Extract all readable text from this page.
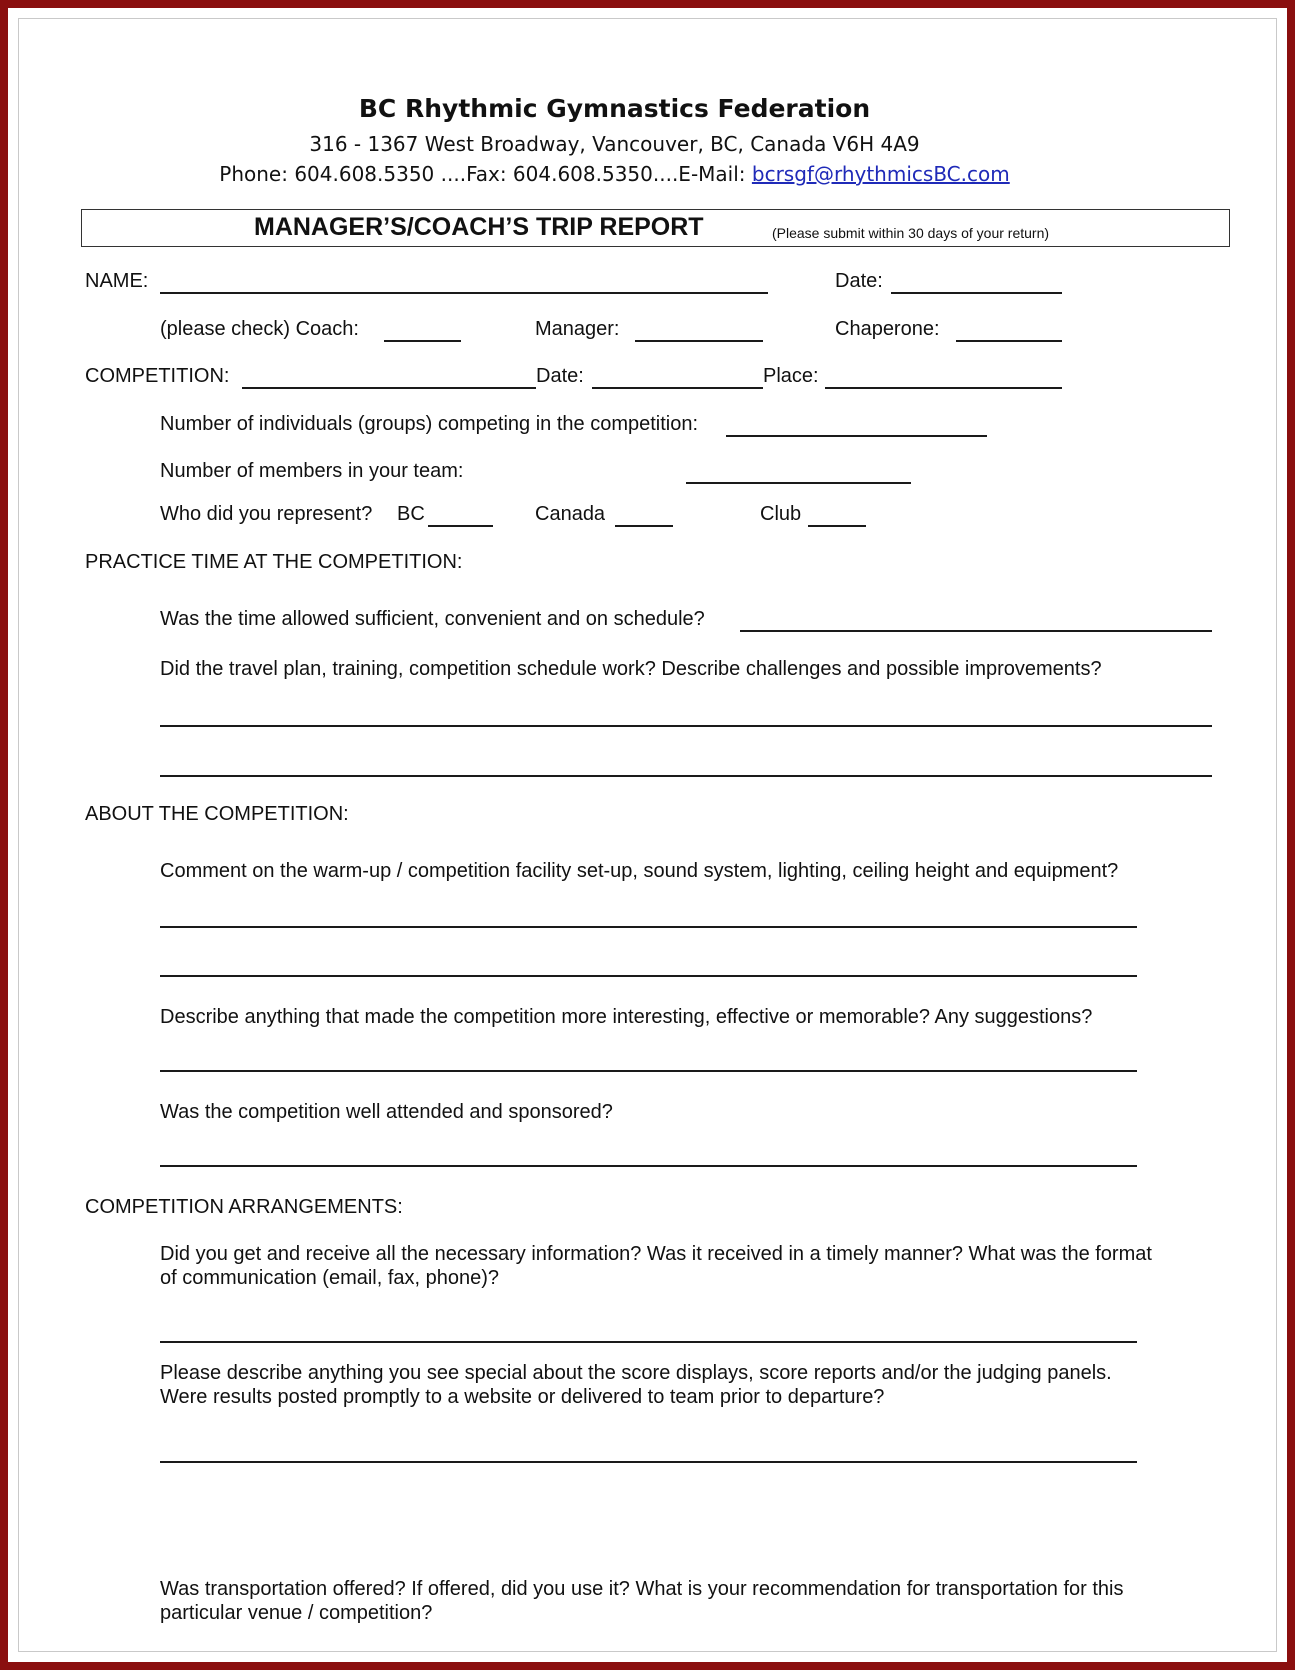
BC Rhythmic Gymnastics Federation
316 - 1367 West Broadway, Vancouver, BC, Canada V6H 4A9
Phone: 604.608.5350 ....Fax: 604.608.5350....E-Mail: bcrsgf@rhythmicsBC.com
MANAGER’S/COACH’S TRIP REPORT	(Please submit within 30 days of your return)
NAME:	Date:
(please check) Coach:	Manager:	Chaperone:
COMPETITION:	Date:	Place:
Number of individuals (groups) competing in the competition:
Number of members in your team:
Who did you represent? BC	Canada	Club
PRACTICE TIME AT THE COMPETITION:
Was the time allowed sufficient, convenient and on schedule?
Did the travel plan, training, competition schedule work? Describe challenges and possible improvements?
ABOUT THE COMPETITION:
Comment on the warm-up / competition facility set-up, sound system, lighting, ceiling height and equipment?
Describe anything that made the competition more interesting, effective or memorable? Any suggestions?
Was the competition well attended and sponsored?
COMPETITION ARRANGEMENTS:
Did you get and receive all the necessary information? Was it received in a timely manner? What was the format
of communication (email, fax, phone)?
Please describe anything you see special about the score displays, score reports and/or the judging panels.
Were results posted promptly to a website or delivered to team prior to departure?
Was transportation offered? If offered, did you use it? What is your recommendation for transportation for this
particular venue / competition?
